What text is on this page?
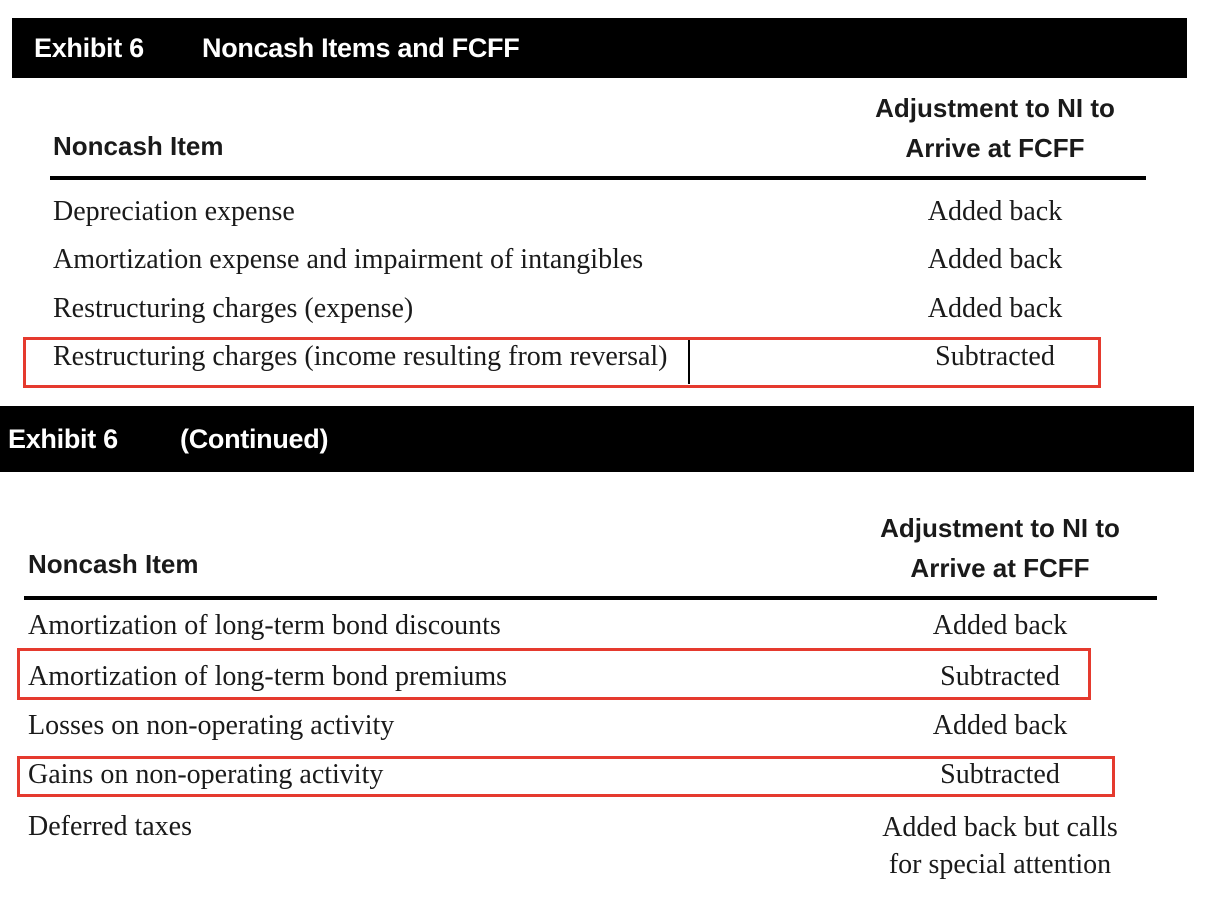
Exhibit 6 Noncash Items and FCFF
Adjustment to NI to
Arrive at FCFF
Noncash Item
Depreciation expense	Added back
Amortization expense and impairment of intangibles	Added back
Restructuring charges (expense)	Added back
Restructuring charges (income resulting from reversal)	Subtracted
Exhibit 6 (Continued)
Adjustment to NI to
Arrive at FCFF
Noncash Item
Amortization of long-term bond discounts	Added back
Amortization of long-term bond premiums	Subtracted
Losses on non-operating activity	Added back
Gains on non-operating activity	Subtracted
Deferred taxes	Added back but calls
for special attention
